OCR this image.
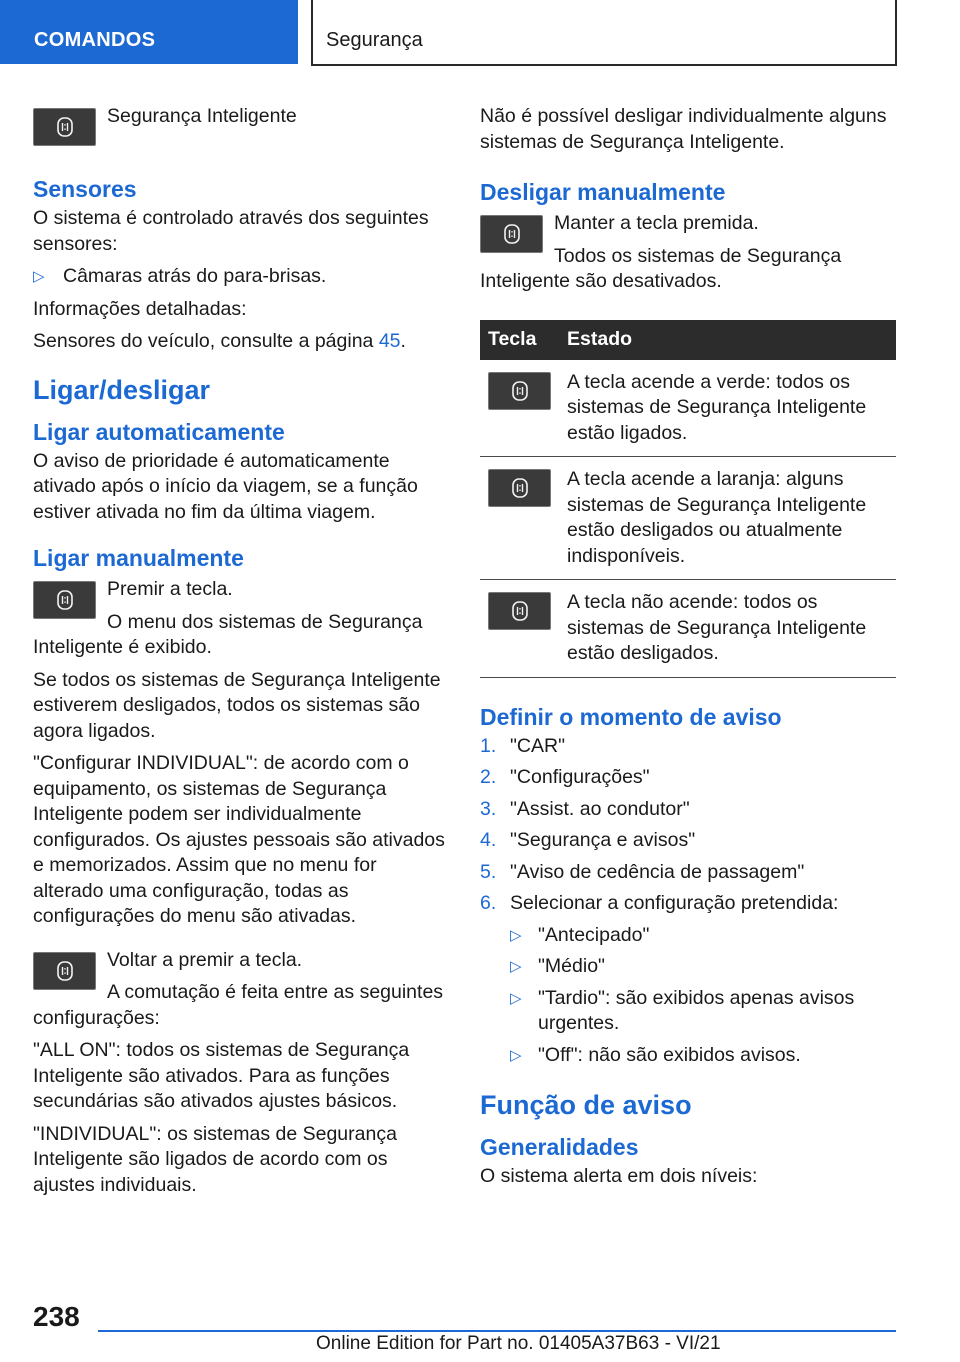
COMANDOS	Segurança

Segurança Inteligente

Sensores

O sistema é controlado através dos seguintes sensores:

▷ Câmaras atrás do para-brisas.

Informações detalhadas:

Sensores do veículo, consulte a página 45.

Ligar/desligar
Ligar automaticamente

O aviso de prioridade é automaticamente ativado após o início da viagem, se a função estiver ativada no fim da última viagem.

Ligar manualmente

Premir a tecla.

O menu dos sistemas de Segurança Inteligente é exibido.

Se todos os sistemas de Segurança Inteligente estiverem desligados, todos os sistemas são agora ligados.

"Configurar INDIVIDUAL": de acordo com o equipamento, os sistemas de Segurança Inteligente podem ser individualmente configurados. Os ajustes pessoais são ativados e memorizados. Assim que no menu for alterado uma configuração, todas as configurações do menu são ativadas.

Voltar a premir a tecla.

A comutação é feita entre as seguintes configurações:

"ALL ON": todos os sistemas de Segurança Inteligente são ativados. Para as funções secundárias são ativados ajustes básicos.

"INDIVIDUAL": os sistemas de Segurança Inteligente são ligados de acordo com os ajustes individuais.

Não é possível desligar individualmente alguns sistemas de Segurança Inteligente.

Desligar manualmente

Manter a tecla premida.

Todos os sistemas de Segurança Inteligente são desativados.

Tecla	Estado

	A tecla acende a verde: todos os sistemas de Segurança Inteligente estão ligados.

	A tecla acende a laranja: alguns sistemas de Segurança Inteligente estão desligados ou atualmente indisponíveis.

	A tecla não acende: todos os sistemas de Segurança Inteligente estão desligados.
Definir o momento de aviso
1. "CAR"
2. "Configurações"
3. "Assist. ao condutor"
4. "Segurança e avisos"
5. "Aviso de cedência de passagem"
6. Selecionar a configuração pretendida:
▷ "Antecipado"
▷ "Médio"
▷ "Tardio": são exibidos apenas avisos urgentes.
▷ "Off": não são exibidos avisos.
Função de aviso
Generalidades

O sistema alerta em dois níveis:

238
Online Edition for Part no. 01405A37B63 - VI/21
